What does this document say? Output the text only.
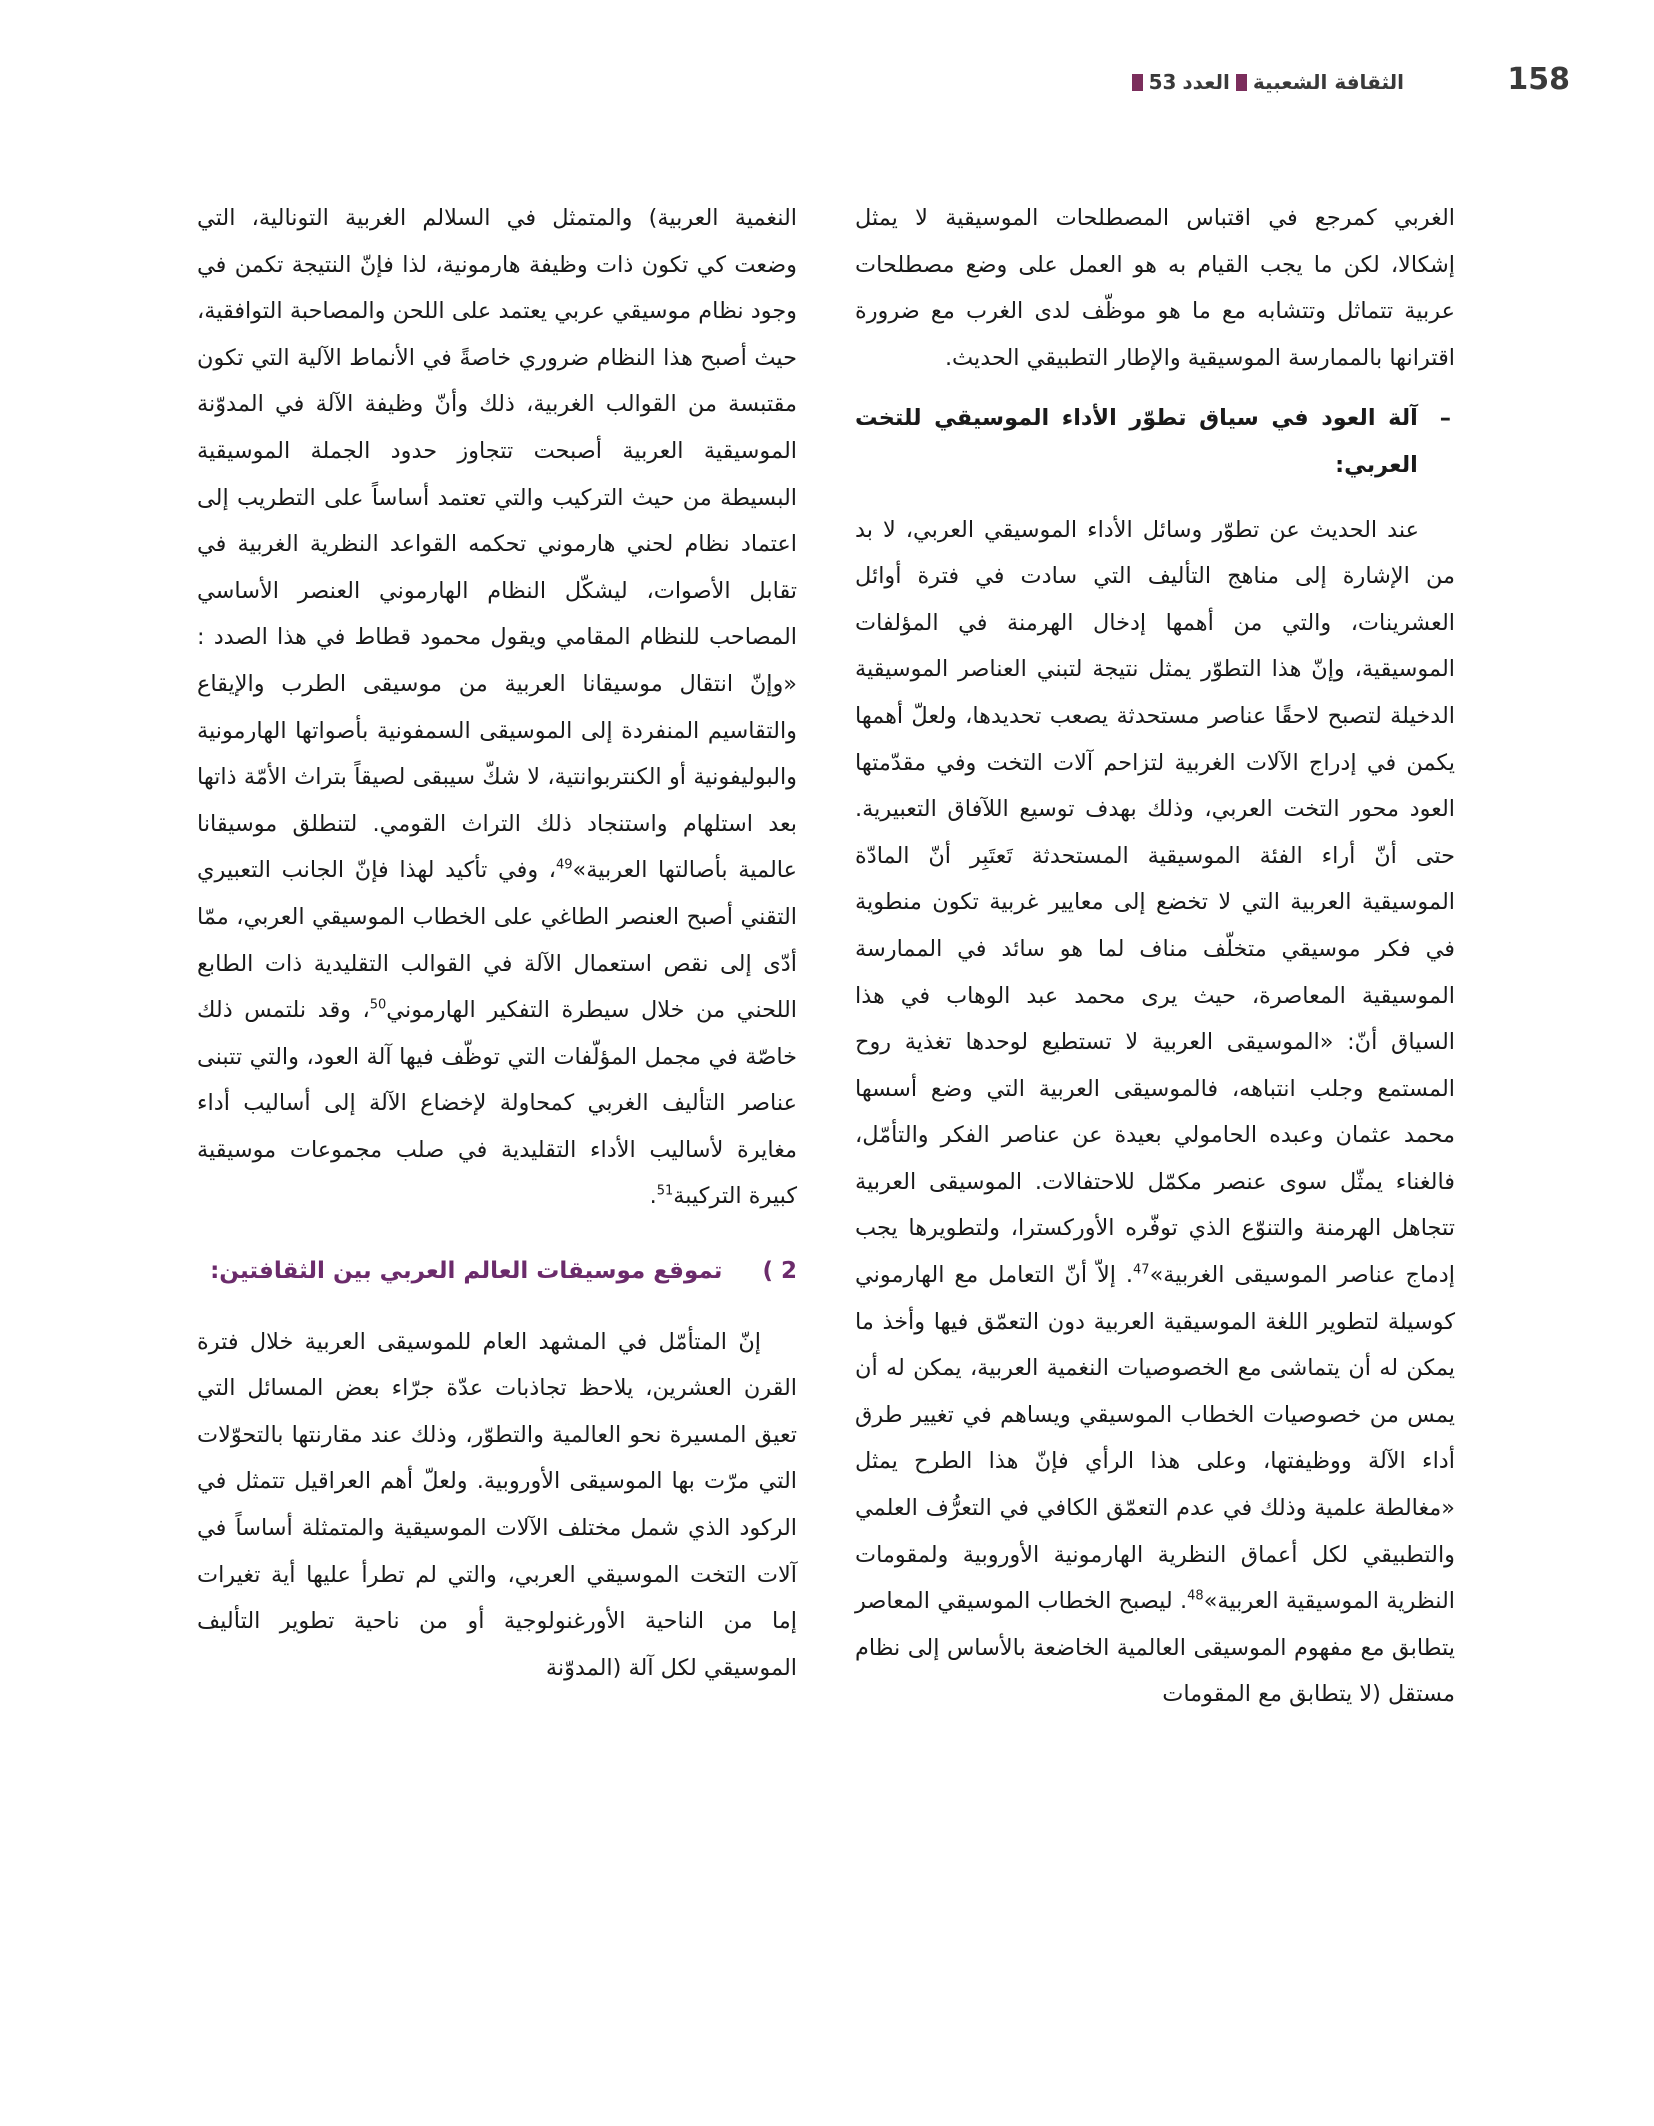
158
الثقافة الشعبية
العدد
53

الغربي كمرجع في اقتباس المصطلحات الموسيقية لا يمثل إشكالا، لكن ما يجب القيام به هو العمل على وضع مصطلحات عربية تتماثل وتتشابه مع ما هو موظّف لدى الغرب مع ضرورة اقترانها بالممارسة الموسيقية والإطار التطبيقي الحديث.

–
آلة العود في سياق تطوّر الأداء الموسيقي للتخت العربي:

عند الحديث عن تطوّر وسائل الأداء الموسيقي العربي، لا بد من الإشارة إلى مناهج التأليف التي سادت في فترة أوائل العشرينات، والتي من أهمها إدخال الهرمنة في المؤلفات الموسيقية، وإنّ هذا التطوّر يمثل نتيجة لتبني العناصر الموسيقية الدخيلة لتصبح لاحقًا عناصر مستحدثة يصعب تحديدها، ولعلّ أهمها يكمن في إدراج الآلات الغربية لتزاحم آلات التخت وفي مقدّمتها العود محور التخت العربي، وذلك بهدف توسيع اللآفاق التعبيرية. حتى أنّ أراء الفئة الموسيقية المستحدثة تَعتَبِر أنّ المادّة الموسيقية العربية التي لا تخضع إلى معايير غربية تكون منطوية في فكر موسيقي متخلّف مناف لما هو سائد في الممارسة الموسيقية المعاصرة، حيث يرى محمد عبد الوهاب في هذا السياق أنّ: «الموسيقى العربية لا تستطيع لوحدها تغذية روح المستمع وجلب انتباهه، فالموسيقى العربية التي وضع أسسها محمد عثمان وعبده الحامولي بعيدة عن عناصر الفكر والتأمّل، فالغناء يمثّل سوى عنصر مكمّل للاحتفالات. الموسيقى العربية تتجاهل الهرمنة والتنوّع الذي توفّره الأوركسترا، ولتطويرها يجب إدماج عناصر الموسيقى الغربية»$^{47}$. إلاّ أنّ التعامل مع الهارموني كوسيلة لتطوير اللغة الموسيقية العربية دون التعمّق فيها وأخذ ما يمكن له أن يتماشى مع الخصوصيات النغمية العربية، يمكن له أن يمس من خصوصيات الخطاب الموسيقي ويساهم في تغيير طرق أداء الآلة ووظيفتها، وعلى هذا الرأي فإنّ هذا الطرح يمثل «مغالطة علمية وذلك في عدم التعمّق الكافي في التعرُّف العلمي والتطبيقي لكل أعماق النظرية الهارمونية الأوروبية ولمقومات النظرية الموسيقية العربية»$^{48}$. ليصبح الخطاب الموسيقي المعاصر يتطابق مع مفهوم الموسيقى العالمية الخاضعة بالأساس إلى نظام مستقل (لا يتطابق مع المقومات

النغمية العربية) والمتمثل في السلالم الغربية التونالية، التي وضعت كي تكون ذات وظيفة هارمونية، لذا فإنّ النتيجة تكمن في وجود نظام موسيقي عربي يعتمد على اللحن والمصاحبة التوافقية، حيث أصبح هذا النظام ضروري خاصةً في الأنماط الآلية التي تكون مقتبسة من القوالب الغربية، ذلك وأنّ وظيفة الآلة في المدوّنة الموسيقية العربية أصبحت تتجاوز حدود الجملة الموسيقية البسيطة من حيث التركيب والتي تعتمد أساساً على التطريب إلى اعتماد نظام لحني هارموني تحكمه القواعد النظرية الغربية في تقابل الأصوات، ليشكّل النظام الهارموني العنصر الأساسي المصاحب للنظام المقامي ويقول محمود قطاط في هذا الصدد : «وإنّ انتقال موسيقانا العربية من موسيقى الطرب والإيقاع والتقاسيم المنفردة إلى الموسيقى السمفونية بأصواتها الهارمونية والبوليفونية أو الكنتربوانتية، لا شكّ سيبقى لصيقاً بتراث الأمّة ذاتها بعد استلهام واستنجاد ذلك التراث القومي. لتنطلق موسيقانا عالمية بأصالتها العربية»$^{49}$، وفي تأكيد لهذا فإنّ الجانب التعبيري التقني أصبح العنصر الطاغي على الخطاب الموسيقي العربي، ممّا أدّى إلى نقص استعمال الآلة في القوالب التقليدية ذات الطابع اللحني من خلال سيطرة التفكير الهارموني$^{50}$، وقد نلتمس ذلك خاصّة في مجمل المؤلّفات التي توظّف فيها آلة العود، والتي تتبنى عناصر التأليف الغربي كمحاولة لإخضاع الآلة إلى أساليب أداء مغايرة لأساليب الأداء التقليدية في صلب مجموعات موسيقية كبيرة التركيبة$^{51}$.

2 )
تموقع موسيقات العالم العربي بين الثقافتين:

إنّ المتأمّل في المشهد العام للموسيقى العربية خلال فترة القرن العشرين، يلاحظ تجاذبات عدّة جرّاء بعض المسائل التي تعيق المسيرة نحو العالمية والتطوّر، وذلك عند مقارنتها بالتحوّلات التي مرّت بها الموسيقى الأوروبية. ولعلّ أهم العراقيل تتمثل في الركود الذي شمل مختلف الآلات الموسيقية والمتمثلة أساساً في آلات التخت الموسيقي العربي، والتي لم تطرأ عليها أية تغيرات إما من الناحية الأورغنولوجية أو من ناحية تطوير التأليف الموسيقي لكل آلة (المدوّنة
